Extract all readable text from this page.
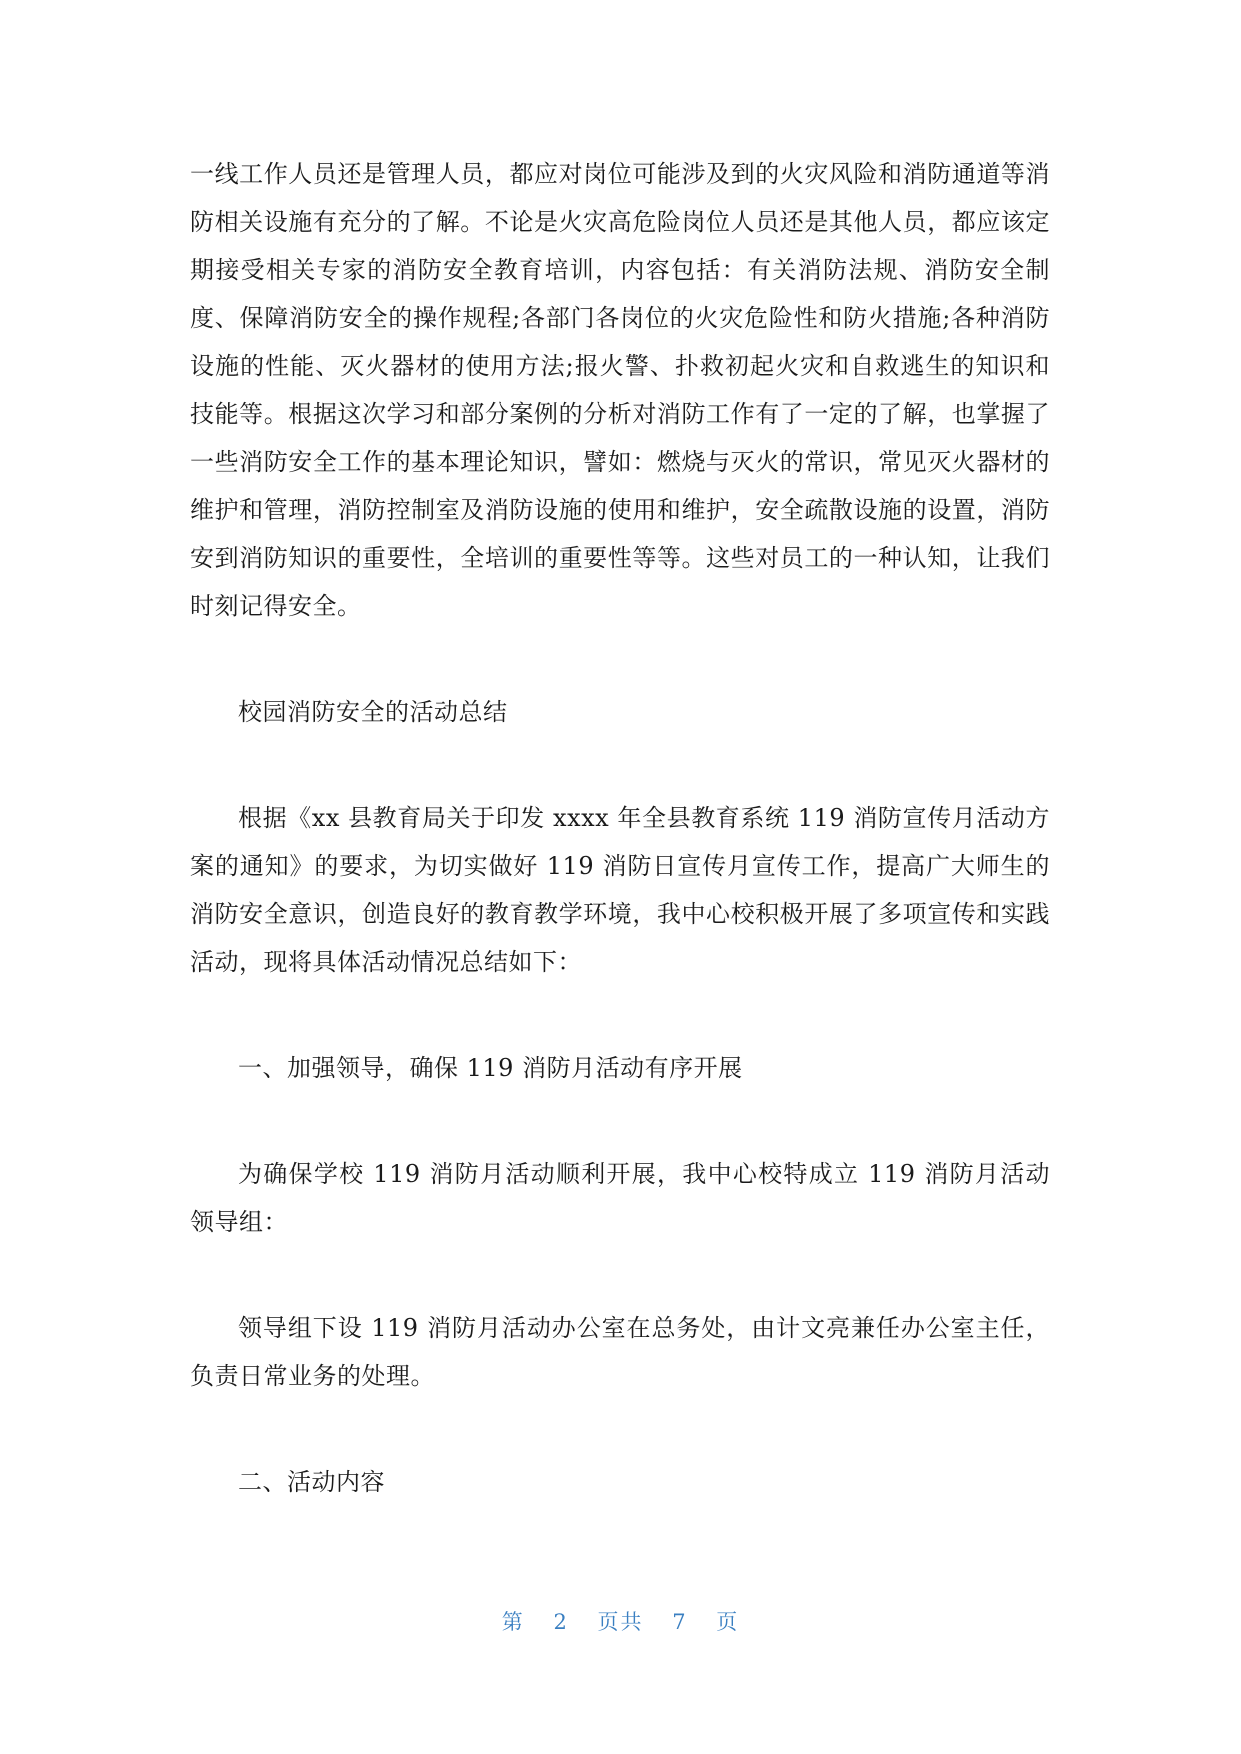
一线工作人员还是管理人员，都应对岗位可能涉及到的火灾风险和消防通道等消防相关设施有充分的了解。不论是火灾高危险岗位人员还是其他人员，都应该定期接受相关专家的消防安全教育培训，内容包括：有关消防法规、消防安全制度、保障消防安全的操作规程;各部门各岗位的火灾危险性和防火措施;各种消防设施的性能、灭火器材的使用方法;报火警、扑救初起火灾和自救逃生的知识和技能等。根据这次学习和部分案例的分析对消防工作有了一定的了解，也掌握了一些消防安全工作的基本理论知识，譬如：燃烧与灭火的常识，常见灭火器材的维护和管理，消防控制室及消防设施的使用和维护，安全疏散设施的设置，消防安到消防知识的重要性，全培训的重要性等等。这些对员工的一种认知，让我们时刻记得安全。

校园消防安全的活动总结

根据《xx 县教育局关于印发 xxxx 年全县教育系统 119 消防宣传月活动方案的通知》的要求，为切实做好 119 消防日宣传月宣传工作，提高广大师生的消防安全意识，创造良好的教育教学环境，我中心校积极开展了多项宣传和实践活动，现将具体活动情况总结如下：

一、加强领导，确保 119 消防月活动有序开展

为确保学校 119 消防月活动顺利开展，我中心校特成立 119 消防月活动领导组：

领导组下设 119 消防月活动办公室在总务处，由计文亮兼任办公室主任，负责日常业务的处理。

二、活动内容

第 2 页共 7 页
